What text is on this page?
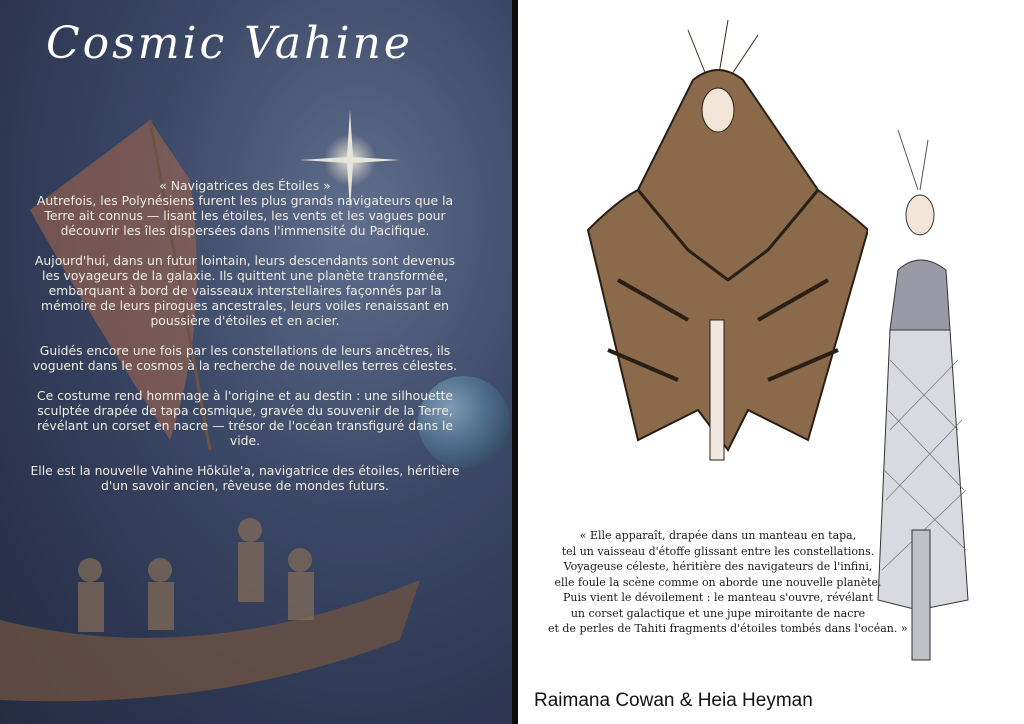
Cosmic Vahine

« Navigatrices des Étoiles »

Autrefois, les Polynésiens furent les plus grands navigateurs que la Terre ait connus — lisant les étoiles, les vents et les vagues pour découvrir les îles dispersées dans l'immensité du Pacifique.

Aujourd'hui, dans un futur lointain, leurs descendants sont devenus les voyageurs de la galaxie. Ils quittent une planète transformée, embarquant à bord de vaisseaux interstellaires façonnés par la mémoire de leurs pirogues ancestrales, leurs voiles renaissant en poussière d'étoiles et en acier.

Guidés encore une fois par les constellations de leurs ancêtres, ils voguent dans le cosmos à la recherche de nouvelles terres célestes.

Ce costume rend hommage à l'origine et au destin : une silhouette sculptée drapée de tapa cosmique, gravée du souvenir de la Terre, révélant un corset en nacre — trésor de l'océan transfiguré dans le vide.

Elle est la nouvelle Vahine Hōkūle'a, navigatrice des étoiles, héritière d'un savoir ancien, rêveuse de mondes futurs.

« Elle apparaît, drapée dans un manteau en tapa,
tel un vaisseau d'étoffe glissant entre les constellations.
Voyageuse céleste, héritière des navigateurs de l'infini,
elle foule la scène comme on aborde une nouvelle planète.
Puis vient le dévoilement : le manteau s'ouvre, révélant
un corset galactique et une jupe miroitante de nacre
et de perles de Tahiti fragments d'étoiles tombés dans l'océan. »
Raimana Cowan & Heia Heyman
